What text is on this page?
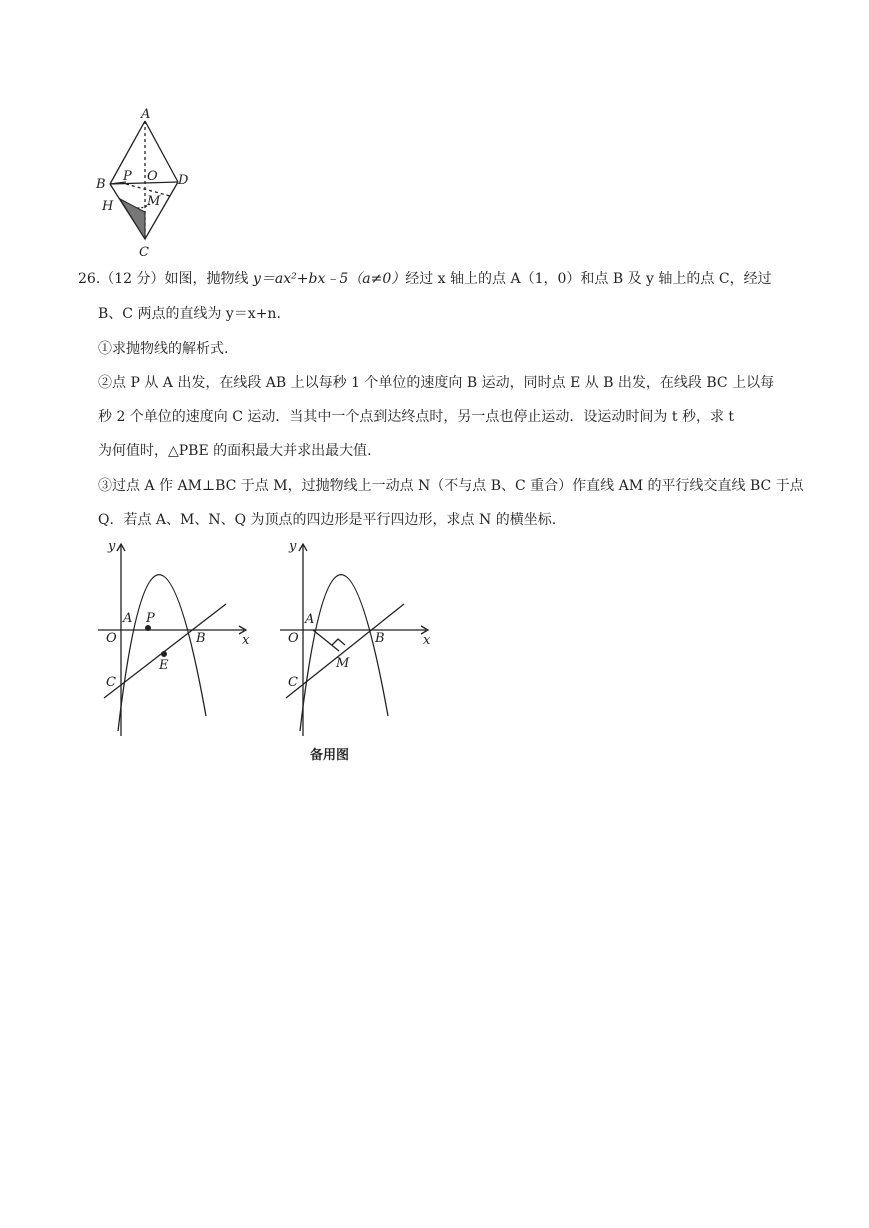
A
B
P O D
H	M
C
26.（12 分）如图，抛物线 y＝ax²+bx﹣5（a≠0）经过 x 轴上的点 A（1，0）和点 B 及 y 轴上的点 C，经过
B、C 两点的直线为 y＝x+n.
①求抛物线的解析式.
②点 P 从 A 出发，在线段 AB 上以每秒 1 个单位的速度向 B 运动，同时点 E 从 B 出发，在线段 BC 上以每
秒 2 个单位的速度向 C 运动．当其中一个点到达终点时，另一点也停止运动．设运动时间为 t 秒，求 t
为何值时，△PBE 的面积最大并求出最大值.
③过点 A 作 AM⊥BC 于点 M，过抛物线上一动点 N（不与点 B、C 重合）作直线 AM 的平行线交直线 BC 于点
Q．若点 A、M、N、Q 为顶点的四边形是平行四边形，求点 N 的横坐标.
y
A P
O	B	x
E
C
y
A
O	B	x
M
C
备用图
